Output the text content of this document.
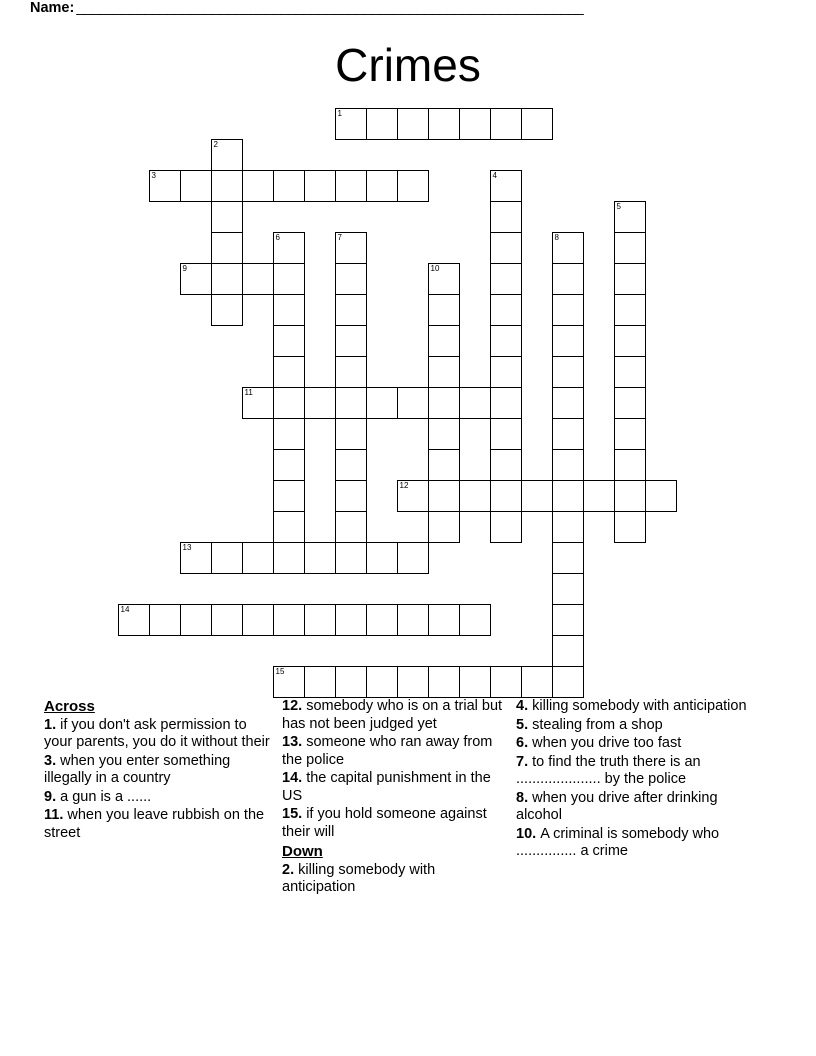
Name: ___________________________________________________________________
Crimes
1
2
3	4
5
6	7	8
9	10
11
12
13
14
15
Across
1. if you don't ask permission to your parents, you do it without their
3. when you enter something illegally in a country
9. a gun is a ......
11. when you leave rubbish on the street
12. somebody who is on a trial but has not been judged yet
13. someone who ran away from the police
14. the capital punishment in the US
15. if you hold someone against their will
Down
2. killing somebody with anticipation
4. killing somebody with anticipation
5. stealing from a shop
6. when you drive too fast
7. to find the truth there is an ..................... by the police
8. when you drive after drinking alcohol
10. A criminal is somebody who ............... a crime
